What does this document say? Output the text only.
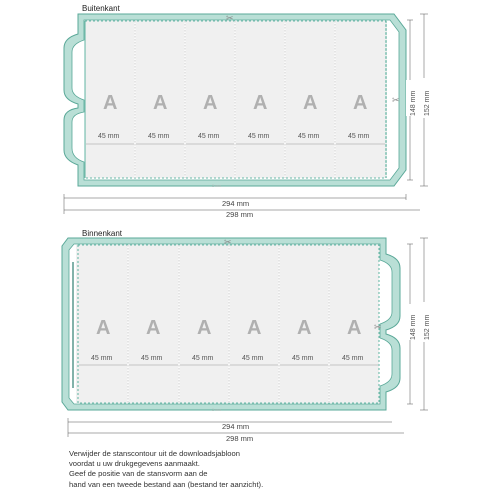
Buitenkant
A A A A A A
45 mm	45 mm	45 mm	45 mm	45 mm	45 mm
2 mm
✂
✂
294 mm
298 mm
148 mm 152 mm
Binnenkant
A A A A A A
45 mm	45 mm	45 mm	45 mm	45 mm	45 mm
2 mm
✂
✂
294 mm
298 mm
148 mm 152 mm
Verwijder de stanscontour uit de downloadsjabloon
voordat u uw drukgegevens aanmaakt.
Geef de positie van de stansvorm aan de
hand van een tweede bestand aan (bestand ter aanzicht).
